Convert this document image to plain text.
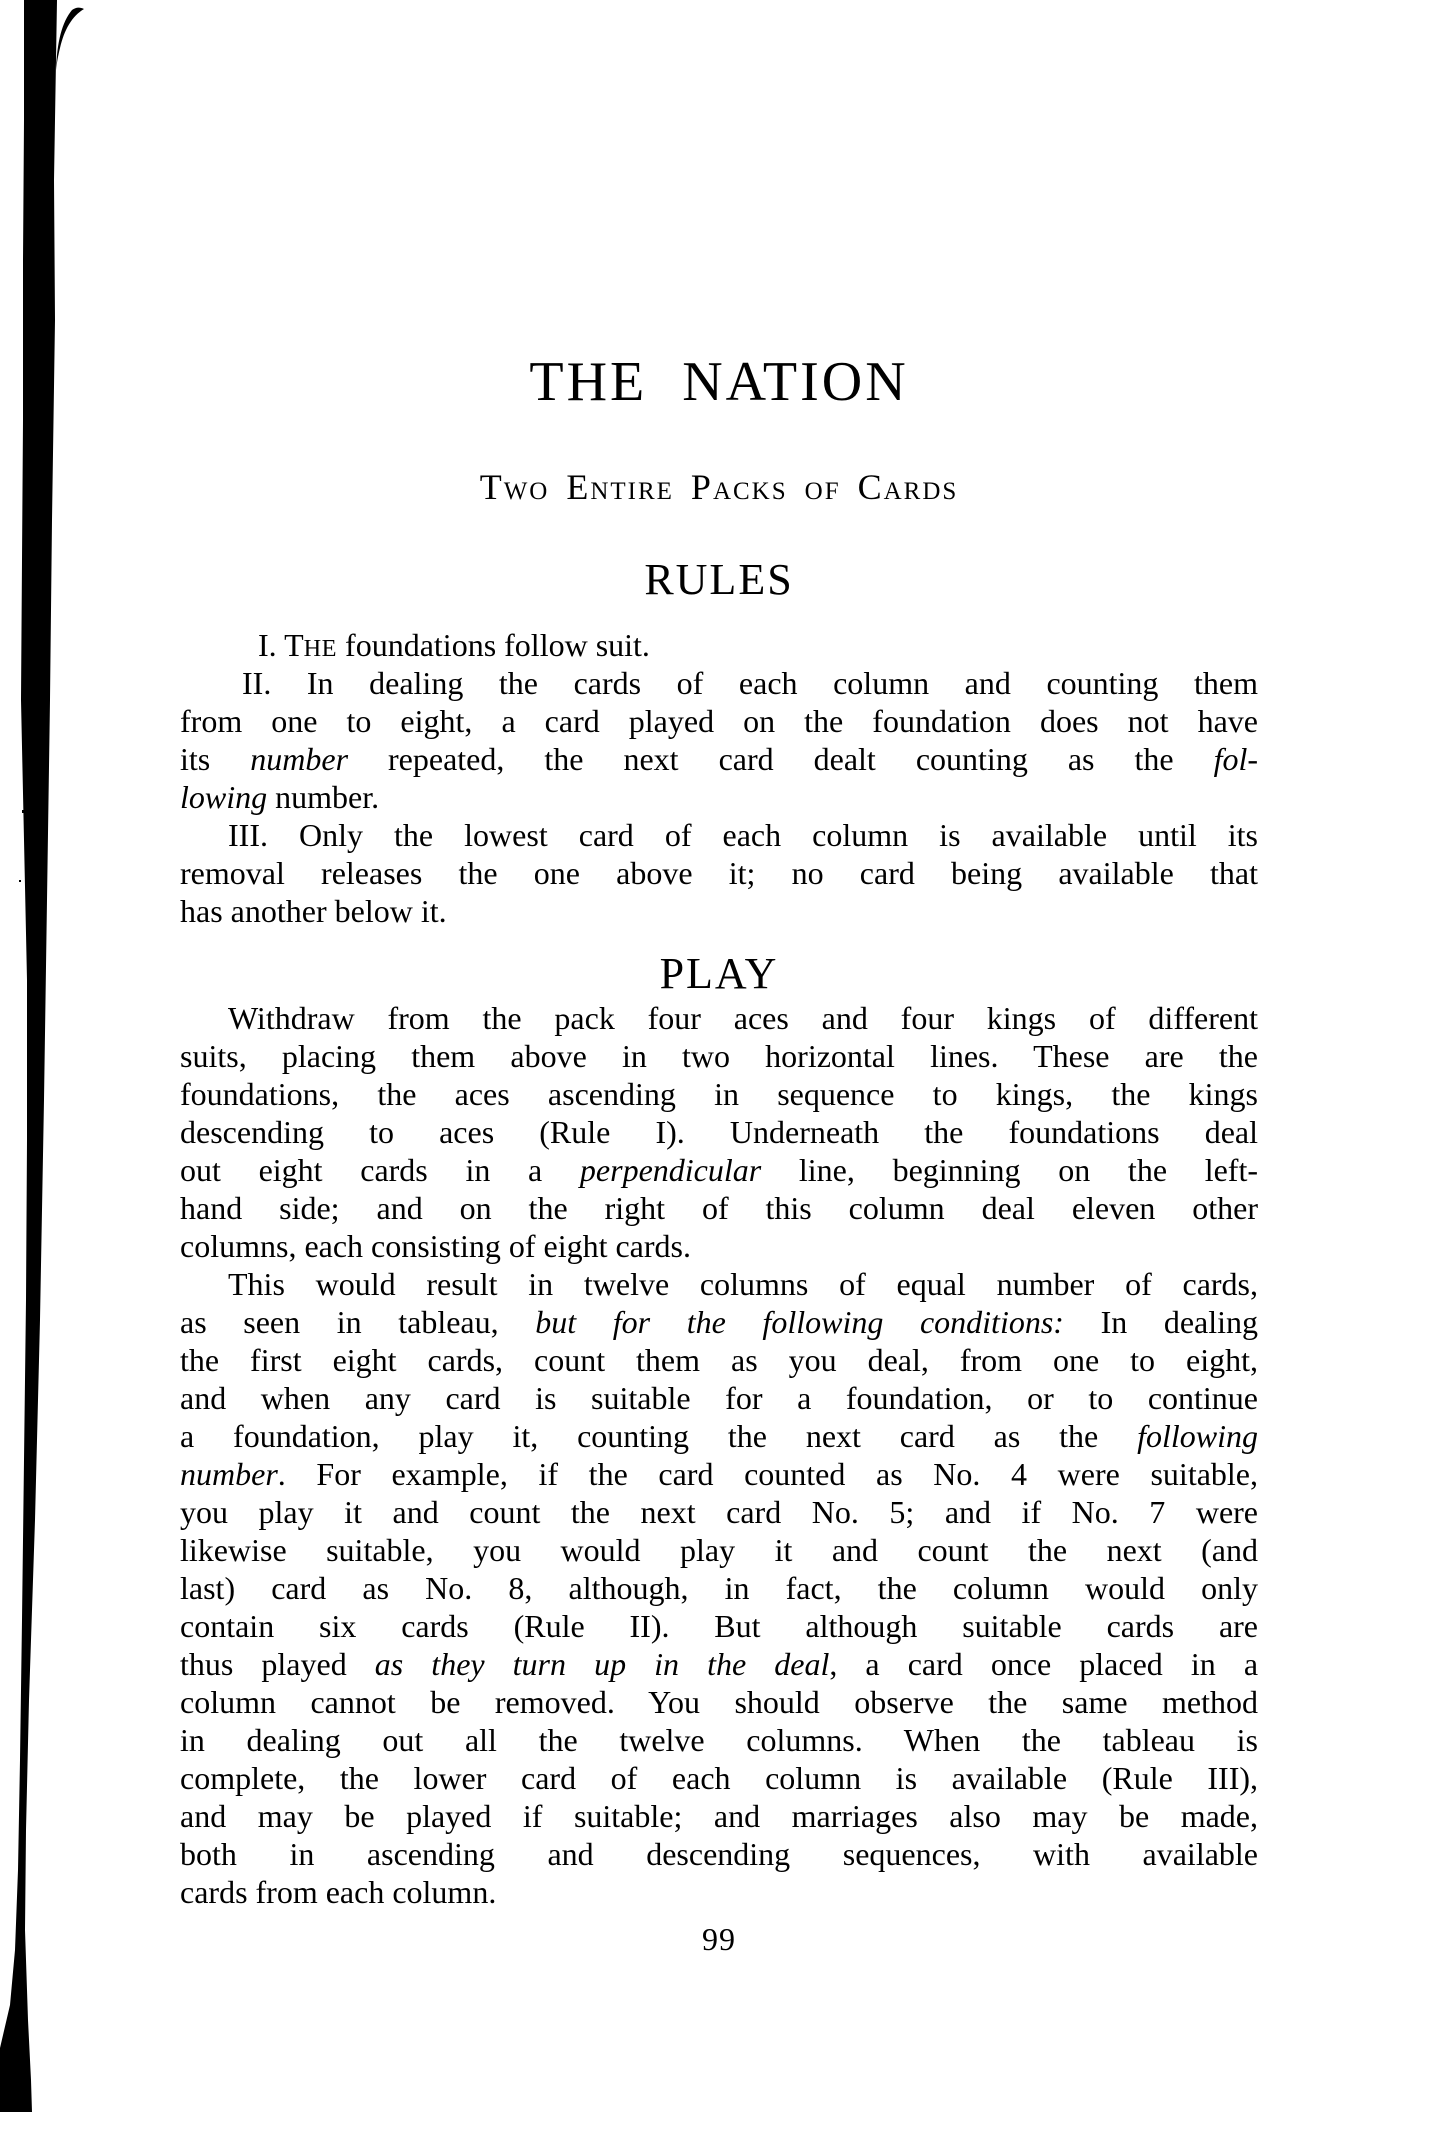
THE NATION
Two Entire Packs of Cards
RULES
I. THE foundations follow suit.
II. In dealing the cards of each column and counting them
from one to eight, a card played on the foundation does not have
its number repeated, the next card dealt counting as the fol-
lowing number.
III. Only the lowest card of each column is available until its
removal releases the one above it; no card being available that
has another below it.
PLAY
Withdraw from the pack four aces and four kings of different
suits, placing them above in two horizontal lines. These are the
foundations, the aces ascending in sequence to kings, the kings
descending to aces (Rule I). Underneath the foundations deal
out eight cards in a perpendicular line, beginning on the left-
hand side; and on the right of this column deal eleven other
columns, each consisting of eight cards.
This would result in twelve columns of equal number of cards,
as seen in tableau, but for the following conditions: In dealing
the first eight cards, count them as you deal, from one to eight,
and when any card is suitable for a foundation, or to continue
a foundation, play it, counting the next card as the following
number. For example, if the card counted as No. 4 were suitable,
you play it and count the next card No. 5; and if No. 7 were
likewise suitable, you would play it and count the next (and
last) card as No. 8, although, in fact, the column would only
contain six cards (Rule II). But although suitable cards are
thus played as they turn up in the deal, a card once placed in a
column cannot be removed. You should observe the same method
in dealing out all the twelve columns. When the tableau is
complete, the lower card of each column is available (Rule III),
and may be played if suitable; and marriages also may be made,
both in ascending and descending sequences, with available
cards from each column.
99
